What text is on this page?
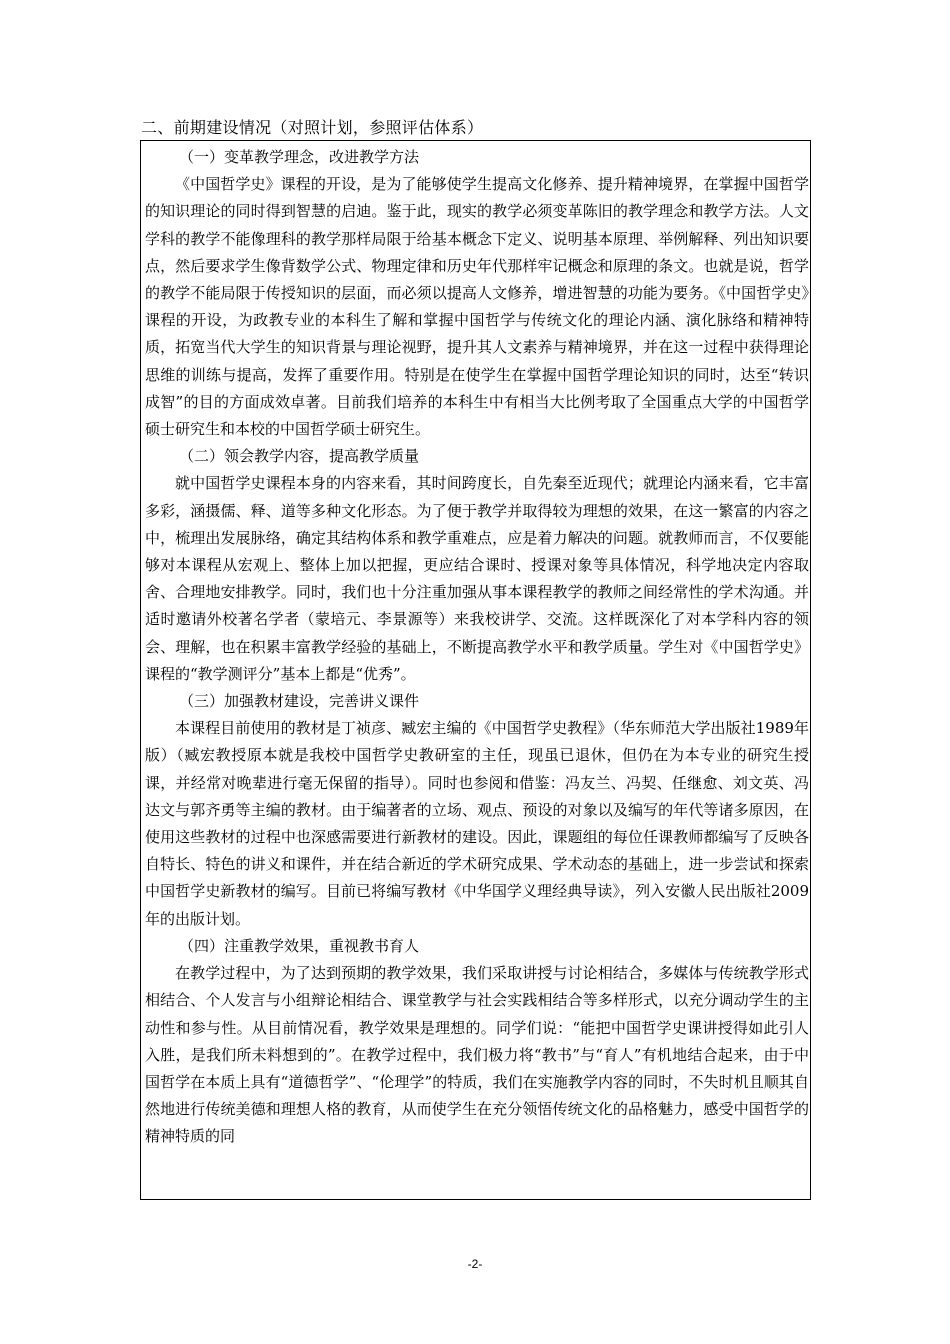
二、前期建设情况（对照计划，参照评估体系）

（一）变革教学理念，改进教学方法

《中国哲学史》课程的开设，是为了能够使学生提高文化修养、提升精神境界，在掌握中国哲学的知识理论的同时得到智慧的启迪。鉴于此，现实的教学必须变革陈旧的教学理念和教学方法。人文学科的教学不能像理科的教学那样局限于给基本概念下定义、说明基本原理、举例解释、列出知识要点，然后要求学生像背数学公式、物理定律和历史年代那样牢记概念和原理的条文。也就是说，哲学的教学不能局限于传授知识的层面，而必须以提高人文修养，增进智慧的功能为要务。《中国哲学史》课程的开设，为政教专业的本科生了解和掌握中国哲学与传统文化的理论内涵、演化脉络和精神特质，拓宽当代大学生的知识背景与理论视野，提升其人文素养与精神境界，并在这一过程中获得理论思维的训练与提高，发挥了重要作用。特别是在使学生在掌握中国哲学理论知识的同时，达至“转识成智”的目的方面成效卓著。目前我们培养的本科生中有相当大比例考取了全国重点大学的中国哲学硕士研究生和本校的中国哲学硕士研究生。

（二）领会教学内容，提高教学质量

就中国哲学史课程本身的内容来看，其时间跨度长，自先秦至近现代；就理论内涵来看，它丰富多彩，涵摄儒、释、道等多种文化形态。为了便于教学并取得较为理想的效果，在这一繁富的内容之中，梳理出发展脉络，确定其结构体系和教学重难点，应是着力解决的问题。就教师而言，不仅要能够对本课程从宏观上、整体上加以把握，更应结合课时、授课对象等具体情况，科学地决定内容取舍、合理地安排教学。同时，我们也十分注重加强从事本课程教学的教师之间经常性的学术沟通。并适时邀请外校著名学者（蒙培元、李景源等）来我校讲学、交流。这样既深化了对本学科内容的领会、理解，也在积累丰富教学经验的基础上，不断提高教学水平和教学质量。学生对《中国哲学史》课程的“教学测评分”基本上都是“优秀”。

（三）加强教材建设，完善讲义课件

本课程目前使用的教材是丁祯彦、臧宏主编的《中国哲学史教程》（华东师范大学出版社1989年版）（臧宏教授原本就是我校中国哲学史教研室的主任，现虽已退休，但仍在为本专业的研究生授课，并经常对晚辈进行毫无保留的指导）。同时也参阅和借鉴：冯友兰、冯契、任继愈、刘文英、冯达文与郭齐勇等主编的教材。由于编著者的立场、观点、预设的对象以及编写的年代等诸多原因，在使用这些教材的过程中也深感需要进行新教材的建设。因此，课题组的每位任课教师都编写了反映各自特长、特色的讲义和课件，并在结合新近的学术研究成果、学术动态的基础上，进一步尝试和探索中国哲学史新教材的编写。目前已将编写教材《中华国学义理经典导读》，列入安徽人民出版社2009年的出版计划。

（四）注重教学效果，重视教书育人

在教学过程中，为了达到预期的教学效果，我们采取讲授与讨论相结合，多媒体与传统教学形式相结合、个人发言与小组辩论相结合、课堂教学与社会实践相结合等多样形式，以充分调动学生的主动性和参与性。从目前情况看，教学效果是理想的。同学们说：“能把中国哲学史课讲授得如此引人入胜，是我们所未料想到的”。在教学过程中，我们极力将“教书”与“育人”有机地结合起来，由于中国哲学在本质上具有“道德哲学”、“伦理学”的特质，我们在实施教学内容的同时，不失时机且顺其自然地进行传统美德和理想人格的教育，从而使学生在充分领悟传统文化的品格魅力，感受中国哲学的精神特质的同

-2-
